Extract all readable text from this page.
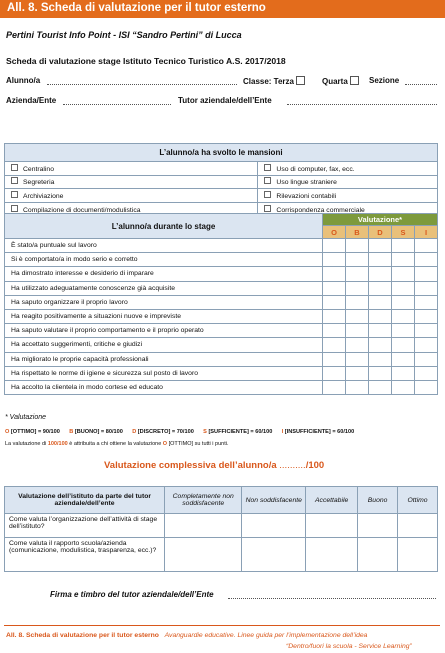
All. 8. Scheda di valutazione per il tutor esterno
Pertini Tourist Info Point - ISI “Sandro Pertini” di Lucca
Scheda di valutazione stage Istituto Tecnico Turistico A.S. 2017/2018
Alunno/a	Classe: Terza	Quarta	Sezione
Azienda/Ente	Tutor aziendale/dell’Ente
L’alunno/a ha svolto le mansioni	
Centralino	Uso di computer, fax, ecc.
Segreteria	Uso lingue straniere
Archiviazione	Rilevazioni contabili
Compilazione di documenti/modulistica	Corrispondenza commerciale

L’alunno/a durante lo stage	Valutazione*				
	O	B	D	S	I
È stato/a puntuale sul lavoro					
Si è comportato/a in modo serio e corretto					
Ha dimostrato interesse e desiderio di imparare					
Ha utilizzato adeguatamente conoscenze già acquisite					
Ha saputo organizzare il proprio lavoro					
Ha reagito positivamente a situazioni nuove e impreviste					
Ha saputo valutare il proprio comportamento e il proprio operato					
Ha accettato suggerimenti, critiche e giudizi					
Ha migliorato le proprie capacità professionali					
Ha rispettato le norme di igiene e sicurezza sul posto di lavoro					
Ha accolto la clientela in modo cortese ed educato					
* Valutazione
O [OTTIMO] = 90/100 B [BUONO] = 80/100 D [DISCRETO] = 70/100 S [SUFFICIENTE] = 60/100 I [INSUFFICIENTE] = 60/100
La valutazione di 100/100 è attribuita a chi ottiene la valutazione O [OTTIMO] su tutti i punti.
Valutazione complessiva dell’alunno/a ........../100
Valutazione dell’istituto da parte del tutor aziendale/dell’ente	Completamente non soddisfacente	Non soddisfacente	Accettabile	Buono	Ottimo
Come valuta l’organizzazione dell’attività di stage dell’istituto?					
Come valuta il rapporto scuola/azienda (comunicazione, modulistica, trasparenza, ecc.)?					
Firma e timbro del tutor aziendale/dell’Ente
All. 8. Scheda di valutazione per il tutor esterno Avanguardie educative. Linee guida per l’implementazione dell’idea
“Dentro/fuori la scuola - Service Learning”
